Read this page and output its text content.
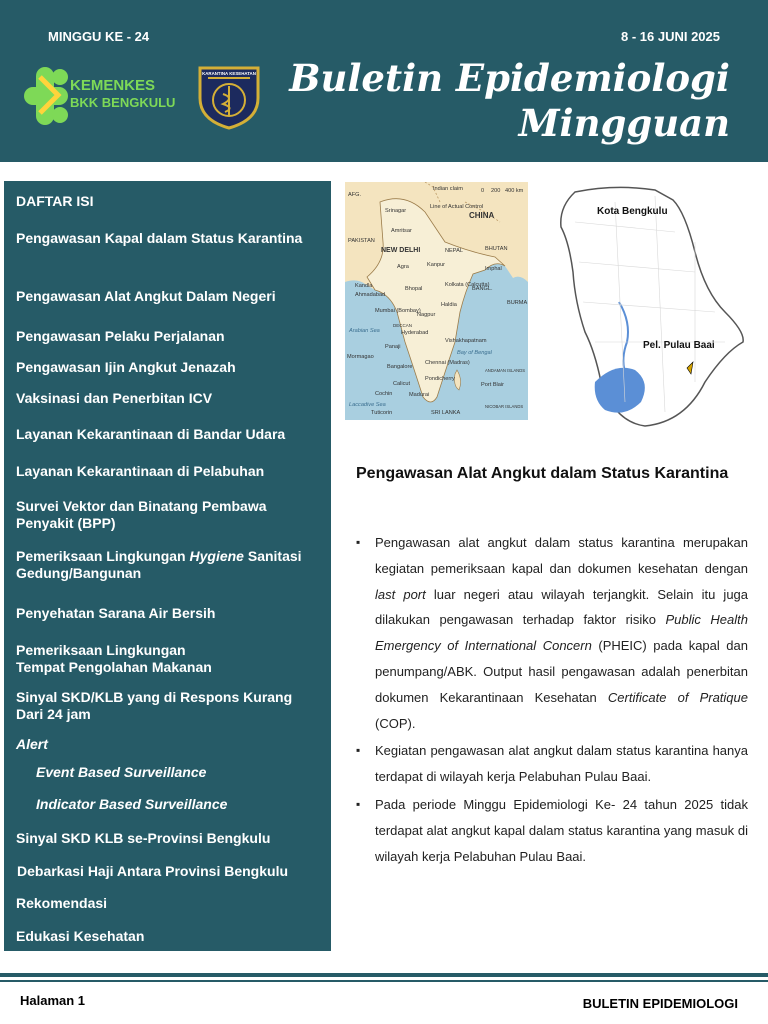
MINGGU KE - 24	8 - 16 JUNI 2025
Buletin Epidemiologi
Mingguan
KEMENKES
BKK BENGKULU
KARANTINA KESEHATAN
DAFTAR ISI
Pengawasan Kapal dalam Status Karantina
Pengawasan Alat Angkut Dalam Negeri
Pengawasan Pelaku Perjalanan
Pengawasan Ijin Angkut Jenazah
Vaksinasi dan Penerbitan ICV
Layanan Kekarantinaan di Bandar Udara
Layanan Kekarantinaan di Pelabuhan
Survei Vektor dan Binatang Pembawa Penyakit (BPP)
Pemeriksaan Lingkungan Hygiene Sanitasi Gedung/Bangunan
Penyehatan Sarana Air Bersih
Pemeriksaan Lingkungan
Tempat Pengolahan Makanan
Sinyal SKD/KLB yang di Respons Kurang Dari 24 jam
Alert
Event Based Surveillance
Indicator Based Surveillance
Sinyal SKD KLB se-Provinsi Bengkulu
Debarkasi Haji Antara Provinsi Bengkulu
Rekomendasi
Edukasi Kesehatan
AFG.
Srinagar
Indian claim
Line of Actual Control
CHINA
PAKISTAN
Amritsar
NEW DELHI
Agra
NEPAL
Kanpur
BHUTAN
Imphal
BANGL.
Kandla
Ahmadabad
Bhopal
Kolkata (Calcutta)
Haldia	BURMA
Mumbai (Bombay)
Nagpur
Arabian Sea
DECCAN
Hyderabad
Vishakhapatnam
Panaji
Bay of Bengal
Mormagao
Bangalore
Chennai (Madras)
Pondicherry
ANDAMAN ISLANDS
Calicut	Port Blair
Cochin	Madurai
Laccadive Sea
Tuticorin	SRI LANKA
NICOBAR ISLANDS
0 200 400 km
Kota Bengkulu
Pel. Pulau Baai
Pengawasan Alat Angkut dalam Status Karantina
▪ Pengawasan alat angkut dalam status karantina merupakan kegiatan pemeriksaan kapal dan dokumen kesehatan dengan last port luar negeri atau wilayah terjangkit. Selain itu juga dilakukan pengawasan terhadap faktor risiko Public Health Emergency of International Concern (PHEIC) pada kapal dan penumpang/ABK. Output hasil pengawasan adalah penerbitan dokumen Kekarantinaan Kesehatan Certificate of Pratique (COP).
▪ Kegiatan pengawasan alat angkut dalam status karantina hanya terdapat di wilayah kerja Pelabuhan Pulau Baai.
▪ Pada periode Minggu Epidemiologi Ke- 24 tahun 2025 tidak terdapat alat angkut kapal dalam status karantina yang masuk di wilayah kerja Pelabuhan Pulau Baai.
Halaman 1	BULETIN EPIDEMIOLOGI
